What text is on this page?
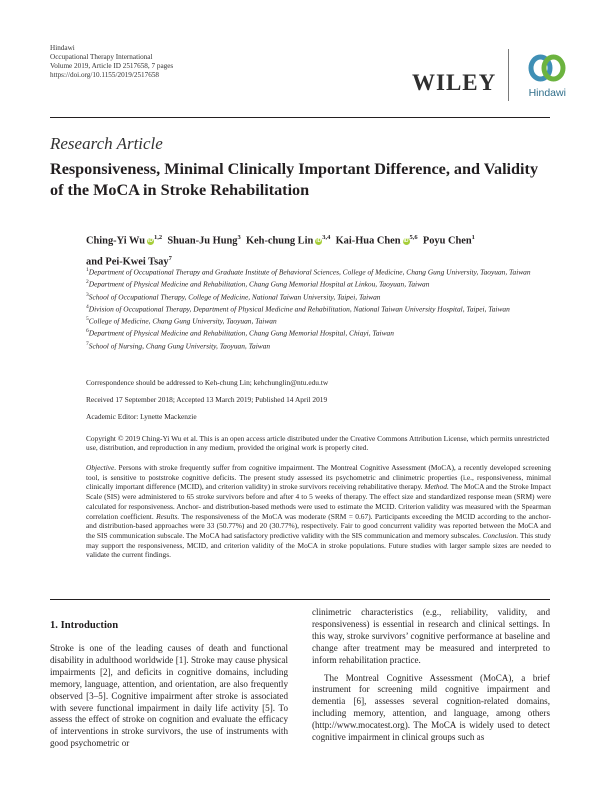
Hindawi
Occupational Therapy International
Volume 2019, Article ID 2517658, 7 pages
https://doi.org/10.1155/2019/2517658	WILEY	Hindawi
Research Article
Responsiveness, Minimal Clinically Important Difference, and Validity of the MoCA in Stroke Rehabilitation
Ching-Yi Wu iD$^{1,2}$ Shuan-Ju Hung$^3$ Keh-chung Lin iD$^{3,4}$ Kai-Hua Chen iD$^{5,6}$ Poyu Chen$^1$
and Pei-Kwei Tsay$^7$

$^1$Department of Occupational Therapy and Graduate Institute of Behavioral Sciences, College of Medicine, Chang Gung University, Taoyuan, Taiwan

$^2$Department of Physical Medicine and Rehabilitation, Chang Gung Memorial Hospital at Linkou, Taoyuan, Taiwan

$^3$School of Occupational Therapy, College of Medicine, National Taiwan University, Taipei, Taiwan

$^4$Division of Occupational Therapy, Department of Physical Medicine and Rehabilitation, National Taiwan University Hospital, Taipei, Taiwan

$^5$College of Medicine, Chang Gung University, Taoyuan, Taiwan

$^6$Department of Physical Medicine and Rehabilitation, Chang Gung Memorial Hospital, Chiayi, Taiwan

$^7$School of Nursing, Chang Gung University, Taoyuan, Taiwan

Correspondence should be addressed to Keh-chung Lin; kehchunglin@ntu.edu.tw
Received 17 September 2018; Accepted 13 March 2019; Published 14 April 2019
Academic Editor: Lynette Mackenzie
Copyright © 2019 Ching-Yi Wu et al. This is an open access article distributed under the Creative Commons Attribution License, which permits unrestricted use, distribution, and reproduction in any medium, provided the original work is properly cited.
Objective. Persons with stroke frequently suffer from cognitive impairment. The Montreal Cognitive Assessment (MoCA), a recently developed screening tool, is sensitive to poststroke cognitive deficits. The present study assessed its psychometric and clinimetric properties (i.e., responsiveness, minimal clinically important difference (MCID), and criterion validity) in stroke survivors receiving rehabilitative therapy. Method. The MoCA and the Stroke Impact Scale (SIS) were administered to 65 stroke survivors before and after 4 to 5 weeks of therapy. The effect size and standardized response mean (SRM) were calculated for responsiveness. Anchor- and distribution-based methods were used to estimate the MCID. Criterion validity was measured with the Spearman correlation coefficient. Results. The responsiveness of the MoCA was moderate (SRM = 0.67). Participants exceeding the MCID according to the anchor- and distribution-based approaches were 33 (50.77%) and 20 (30.77%), respectively. Fair to good concurrent validity was reported between the MoCA and the SIS communication subscale. The MoCA had satisfactory predictive validity with the SIS communication and memory subscales. Conclusion. This study may support the responsiveness, MCID, and criterion validity of the MoCA in stroke populations. Future studies with larger sample sizes are needed to validate the current findings.
1. Introduction

Stroke is one of the leading causes of death and functional disability in adulthood worldwide [1]. Stroke may cause physical impairments [2], and deficits in cognitive domains, including memory, language, attention, and orientation, are also frequently observed [3–5]. Cognitive impairment after stroke is associated with severe functional impairment in daily life activity [5]. To assess the effect of stroke on cognition and evaluate the efficacy of interventions in stroke survivors, the use of instruments with good psychometric or

clinimetric characteristics (e.g., reliability, validity, and responsiveness) is essential in research and clinical settings. In this way, stroke survivors’ cognitive performance at baseline and change after treatment may be measured and interpreted to inform rehabilitation practice.

The Montreal Cognitive Assessment (MoCA), a brief instrument for screening mild cognitive impairment and dementia [6], assesses several cognition-related domains, including memory, attention, and language, among others (http://www.mocatest.org). The MoCA is widely used to detect cognitive impairment in clinical groups such as
